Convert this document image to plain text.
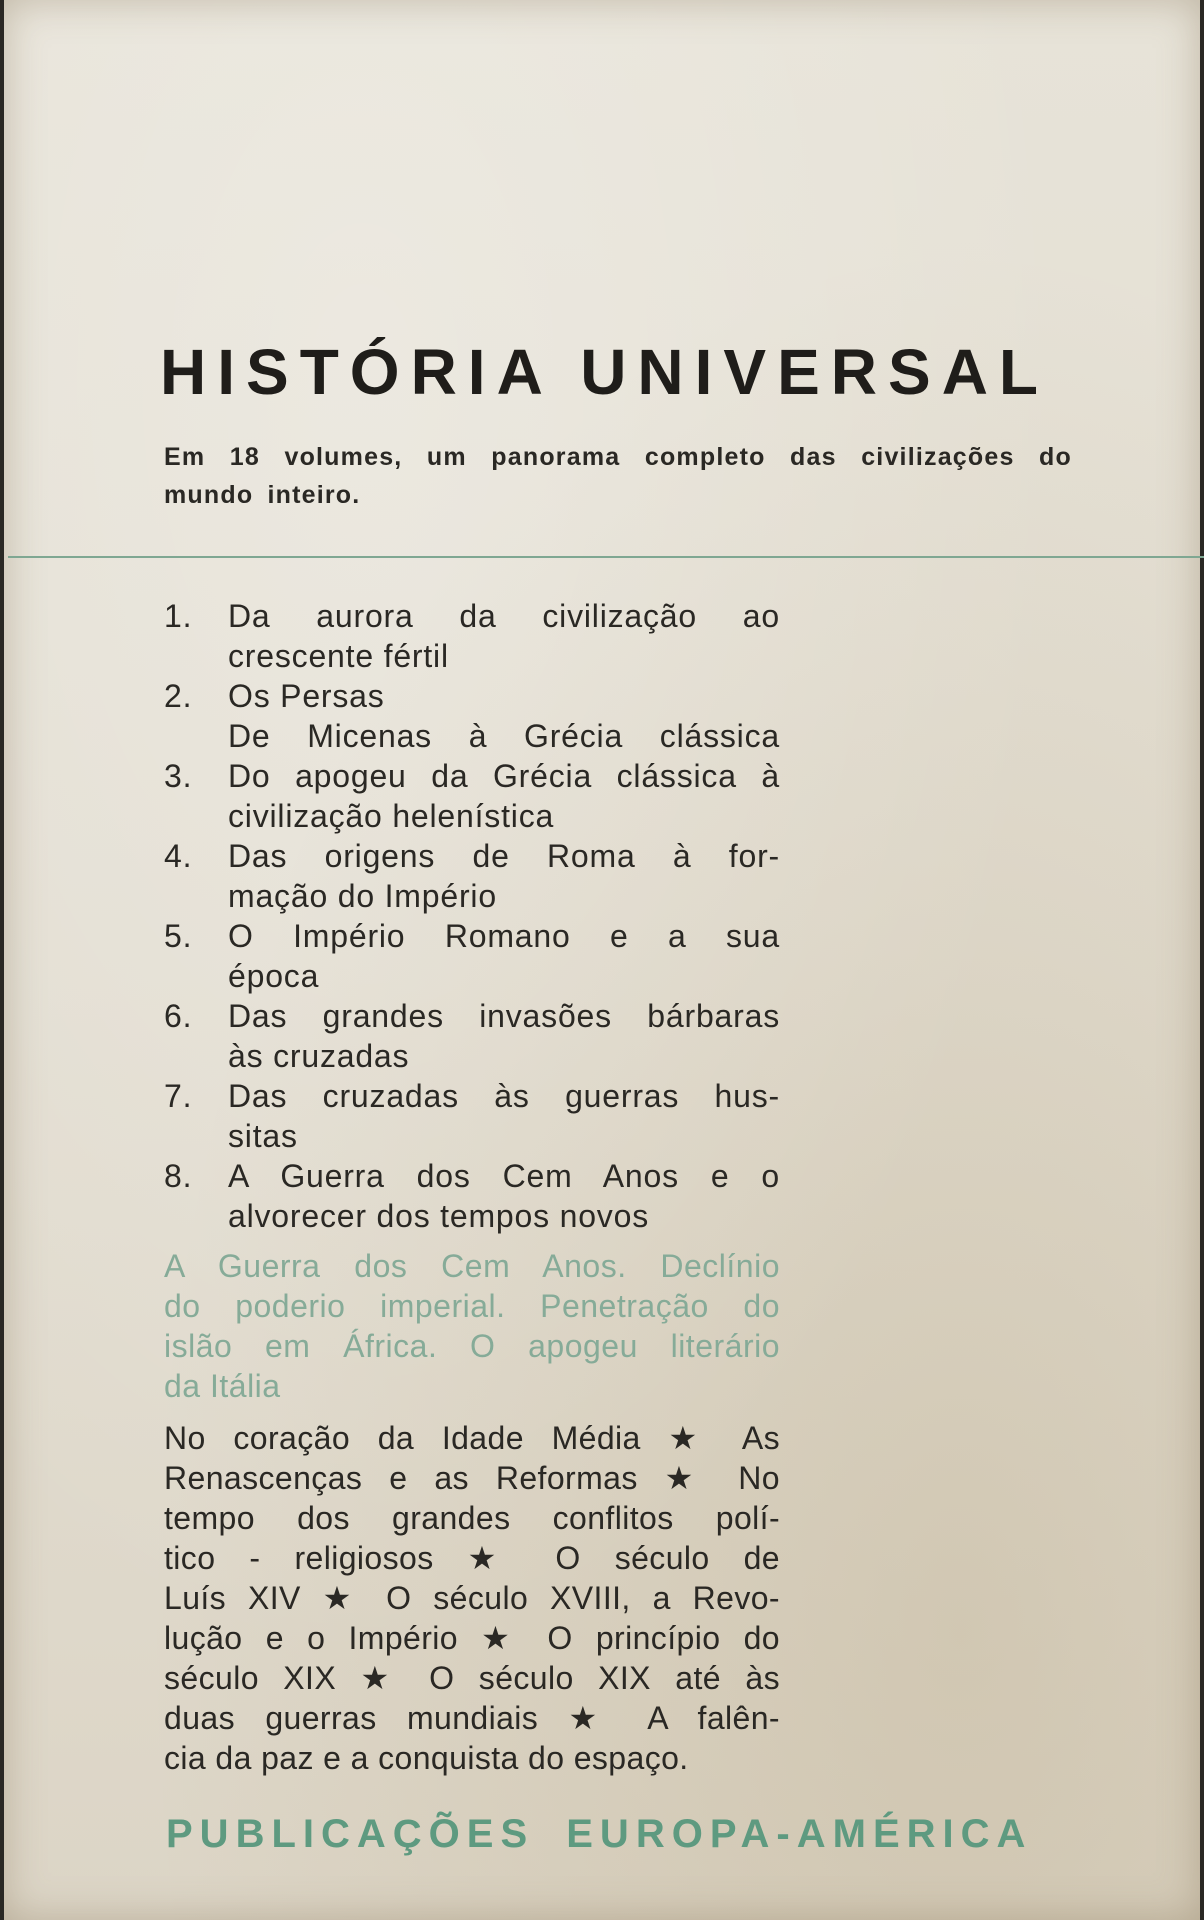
HISTÓRIA UNIVERSAL

Em 18 volumes, um panorama completo das civilizações do
mundo inteiro.

1.	Da aurora da civilização ao
crescente fértil
2.	Os Persas
De Micenas à Grécia clássica
3.	Do apogeu da Grécia clássica à
civilização helenística
4.	Das origens de Roma à for-
mação do Império
5.	O Império Romano e a sua
época
6.	Das grandes invasões bárbaras
às cruzadas
7.	Das cruzadas às guerras hus-
sitas
8.	A Guerra dos Cem Anos e o
alvorecer dos tempos novos

A Guerra dos Cem Anos. Declínio
do poderio imperial. Penetração do
islão em África. O apogeu literário
da Itália

No coração da Idade Média ★ As
Renascenças e as Reformas ★ No
tempo dos grandes conflitos polí-
tico - religiosos ★ O século de
Luís XIV ★ O século XVIII, a Revo-
lução e o Império ★ O princípio do
século XIX ★ O século XIX até às
duas guerras mundiais ★ A falên-
cia da paz e a conquista do espaço.

PUBLICAÇÕES EUROPA-AMÉRICA
